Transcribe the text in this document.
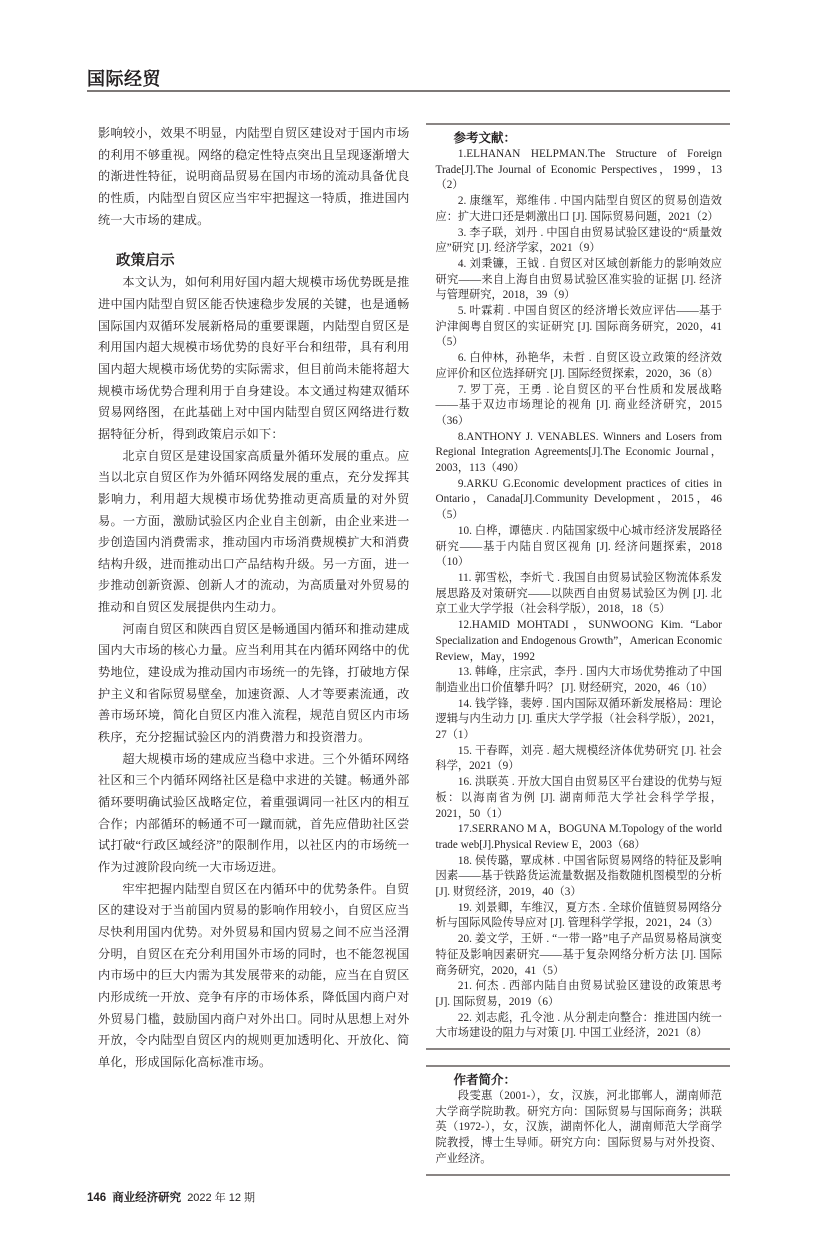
国际经贸

影响较小，效果不明显，内陆型自贸区建设对于国内市场的利用不够重视。网络的稳定性特点突出且呈现逐渐增大的渐进性特征，说明商品贸易在国内市场的流动具备优良的性质，内陆型自贸区应当牢牢把握这一特质，推进国内统一大市场的建成。

政策启示

本文认为，如何利用好国内超大规模市场优势既是推进中国内陆型自贸区能否快速稳步发展的关键，也是通畅国际国内双循环发展新格局的重要课题，内陆型自贸区是利用国内超大规模市场优势的良好平台和纽带，具有利用国内超大规模市场优势的实际需求，但目前尚未能将超大规模市场优势合理利用于自身建设。本文通过构建双循环贸易网络图，在此基础上对中国内陆型自贸区网络进行数据特征分析，得到政策启示如下：

北京自贸区是建设国家高质量外循环发展的重点。应当以北京自贸区作为外循环网络发展的重点，充分发挥其影响力，利用超大规模市场优势推动更高质量的对外贸易。一方面，激励试验区内企业自主创新，由企业来进一步创造国内消费需求，推动国内市场消费规模扩大和消费结构升级，进而推动出口产品结构升级。另一方面，进一步推动创新资源、创新人才的流动，为高质量对外贸易的推动和自贸区发展提供内生动力。

河南自贸区和陕西自贸区是畅通国内循环和推动建成国内大市场的核心力量。应当利用其在内循环网络中的优势地位，建设成为推动国内市场统一的先锋，打破地方保护主义和省际贸易壁垒，加速资源、人才等要素流通，改善市场环境，简化自贸区内准入流程，规范自贸区内市场秩序，充分挖掘试验区内的消费潜力和投资潜力。

超大规模市场的建成应当稳中求进。三个外循环网络社区和三个内循环网络社区是稳中求进的关键。畅通外部循环要明确试验区战略定位，着重强调同一社区内的相互合作；内部循环的畅通不可一蹴而就，首先应借助社区尝试打破“行政区域经济”的限制作用，以社区内的市场统一作为过渡阶段向统一大市场迈进。

牢牢把握内陆型自贸区在内循环中的优势条件。自贸区的建设对于当前国内贸易的影响作用较小，自贸区应当尽快利用国内优势。对外贸易和国内贸易之间不应当泾渭分明，自贸区在充分利用国外市场的同时，也不能忽视国内市场中的巨大内需为其发展带来的动能，应当在自贸区内形成统一开放、竞争有序的市场体系，降低国内商户对外贸易门槛，鼓励国内商户对外出口。同时从思想上对外开放，令内陆型自贸区内的规则更加透明化、开放化、简单化，形成国际化高标准市场。

参考文献：

1.ELHANAN HELPMAN.The Structure of Foreign Trade[J].The Journal of Economic Perspectives，1999，13（2）

2. 康继军，郑维伟 . 中国内陆型自贸区的贸易创造效应：扩大进口还是刺激出口 [J]. 国际贸易问题，2021（2）

3. 李子联，刘丹 . 中国自由贸易试验区建设的“质量效应”研究 [J]. 经济学家，2021（9）

4. 刘秉镰，王钺 . 自贸区对区域创新能力的影响效应研究——来自上海自由贸易试验区准实验的证据 [J]. 经济与管理研究，2018，39（9）

5. 叶霖莉 . 中国自贸区的经济增长效应评估——基于沪津闽粤自贸区的实证研究 [J]. 国际商务研究，2020，41（5）

6. 白仲林，孙艳华，未哲 . 自贸区设立政策的经济效应评价和区位选择研究 [J]. 国际经贸探索，2020，36（8）

7. 罗丁亮，王勇 . 论自贸区的平台性质和发展战略——基于双边市场理论的视角 [J]. 商业经济研究，2015（36）

8.ANTHONY J. VENABLES. Winners and Losers from Regional Integration Agreements[J].The Economic Journal，2003，113（490）

9.ARKU G.Economic development practices of cities in Ontario，Canada[J].Community Development，2015，46（5）

10. 白桦，谭德庆 . 内陆国家级中心城市经济发展路径研究——基于内陆自贸区视角 [J]. 经济问题探索，2018（10）

11. 郭雪松，李炘弋 . 我国自由贸易试验区物流体系发展思路及对策研究——以陕西自由贸易试验区为例 [J]. 北京工业大学学报（社会科学版），2018，18（5）

12.HAMID MOHTADI，SUNWOONG Kim. “Labor Specialization and Endogenous Growth”，American Economic Review，May，1992

13. 韩峰，庄宗武，李丹 . 国内大市场优势推动了中国制造业出口价值攀升吗？ [J]. 财经研究，2020，46（10）

14. 钱学锋，裴婷 . 国内国际双循环新发展格局：理论逻辑与内生动力 [J]. 重庆大学学报（社会科学版），2021，27（1）

15. 干春晖，刘亮 . 超大规模经济体优势研究 [J]. 社会科学，2021（9）

16. 洪联英 . 开放大国自由贸易区平台建设的优势与短板：以海南省为例 [J]. 湖南师范大学社会科学学报，2021，50（1）

17.SERRANO M A，BOGUNA M.Topology of the world trade web[J].Physical Review E，2003（68）

18. 侯传璐，覃成林 . 中国省际贸易网络的特征及影响因素——基于铁路货运流量数据及指数随机图模型的分析 [J]. 财贸经济，2019，40（3）

19. 刘景卿，车维汉，夏方杰 . 全球价值链贸易网络分析与国际风险传导应对 [J]. 管理科学学报，2021，24（3）

20. 姜文学，王妍 . “一带一路”电子产品贸易格局演变特征及影响因素研究——基于复杂网络分析方法 [J]. 国际商务研究，2020，41（5）

21. 何杰 . 西部内陆自由贸易试验区建设的政策思考 [J]. 国际贸易，2019（6）

22. 刘志彪，孔令池 . 从分割走向整合：推进国内统一大市场建设的阻力与对策 [J]. 中国工业经济，2021（8）

作者简介：

段雯惠（2001-），女，汉族，河北邯郸人，湖南师范大学商学院助教。研究方向：国际贸易与国际商务；洪联英（1972-），女，汉族，湖南怀化人，湖南师范大学商学院教授，博士生导师。研究方向：国际贸易与对外投资、产业经济。

146 商业经济研究 2022 年 12 期
